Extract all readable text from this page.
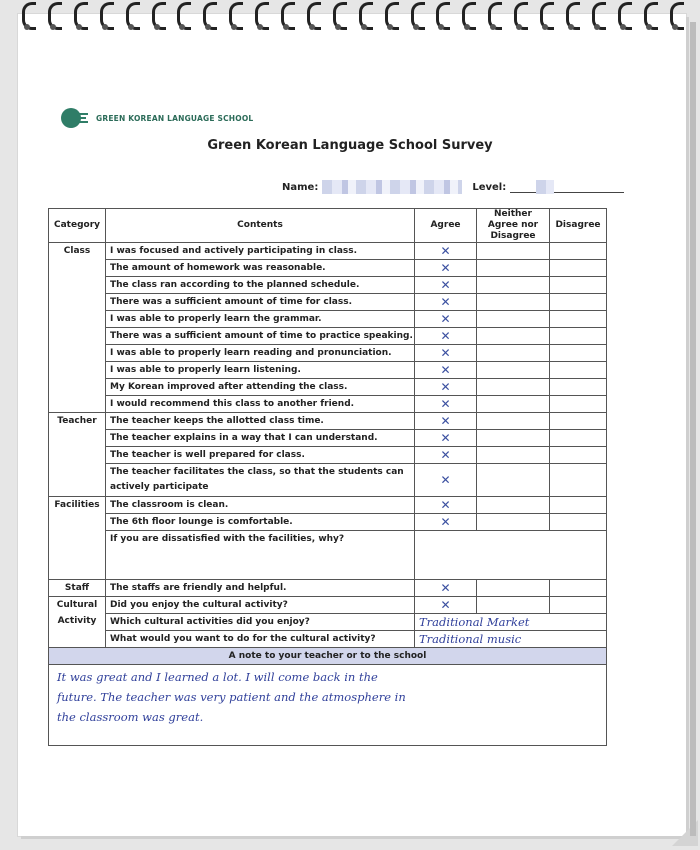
GREEN KOREAN LANGUAGE SCHOOL
Green Korean Language School Survey
Name:	Level:
Category	Contents	Agree	Neither Agree nor Disagree	Disagree
Class	I was focused and actively participating in class.	✕		
	The amount of homework was reasonable.	✕		
	The class ran according to the planned schedule.	✕		
	There was a sufficient amount of time for class.	✕		
	I was able to properly learn the grammar.	✕		
	There was a sufficient amount of time to practice speaking.	✕		
	I was able to properly learn reading and pronunciation.	✕		
	I was able to properly learn listening.	✕		
	My Korean improved after attending the class.	✕		
	I would recommend this class to another friend.	✕		
Teacher	The teacher keeps the allotted class time.	✕		
	The teacher explains in a way that I can understand.	✕		
	The teacher is well prepared for class.	✕		
	The teacher facilitates the class, so that the students can actively participate	✕		
Facilities	The classroom is clean.	✕		
	The 6th floor lounge is comfortable.	✕		
	If you are dissatisfied with the facilities, why?			
Staff	The staffs are friendly and helpful.	✕		
Cultural Activity	Did you enjoy the cultural activity?	✕		
	Which cultural activities did you enjoy?	Traditional Market		
	What would you want to do for the cultural activity?	Traditional music		
A note to your teacher or to the school				

It was great and I learned a lot. I will come back in the
future. The teacher was very patient and the atmosphere in
the classroom was great.				
